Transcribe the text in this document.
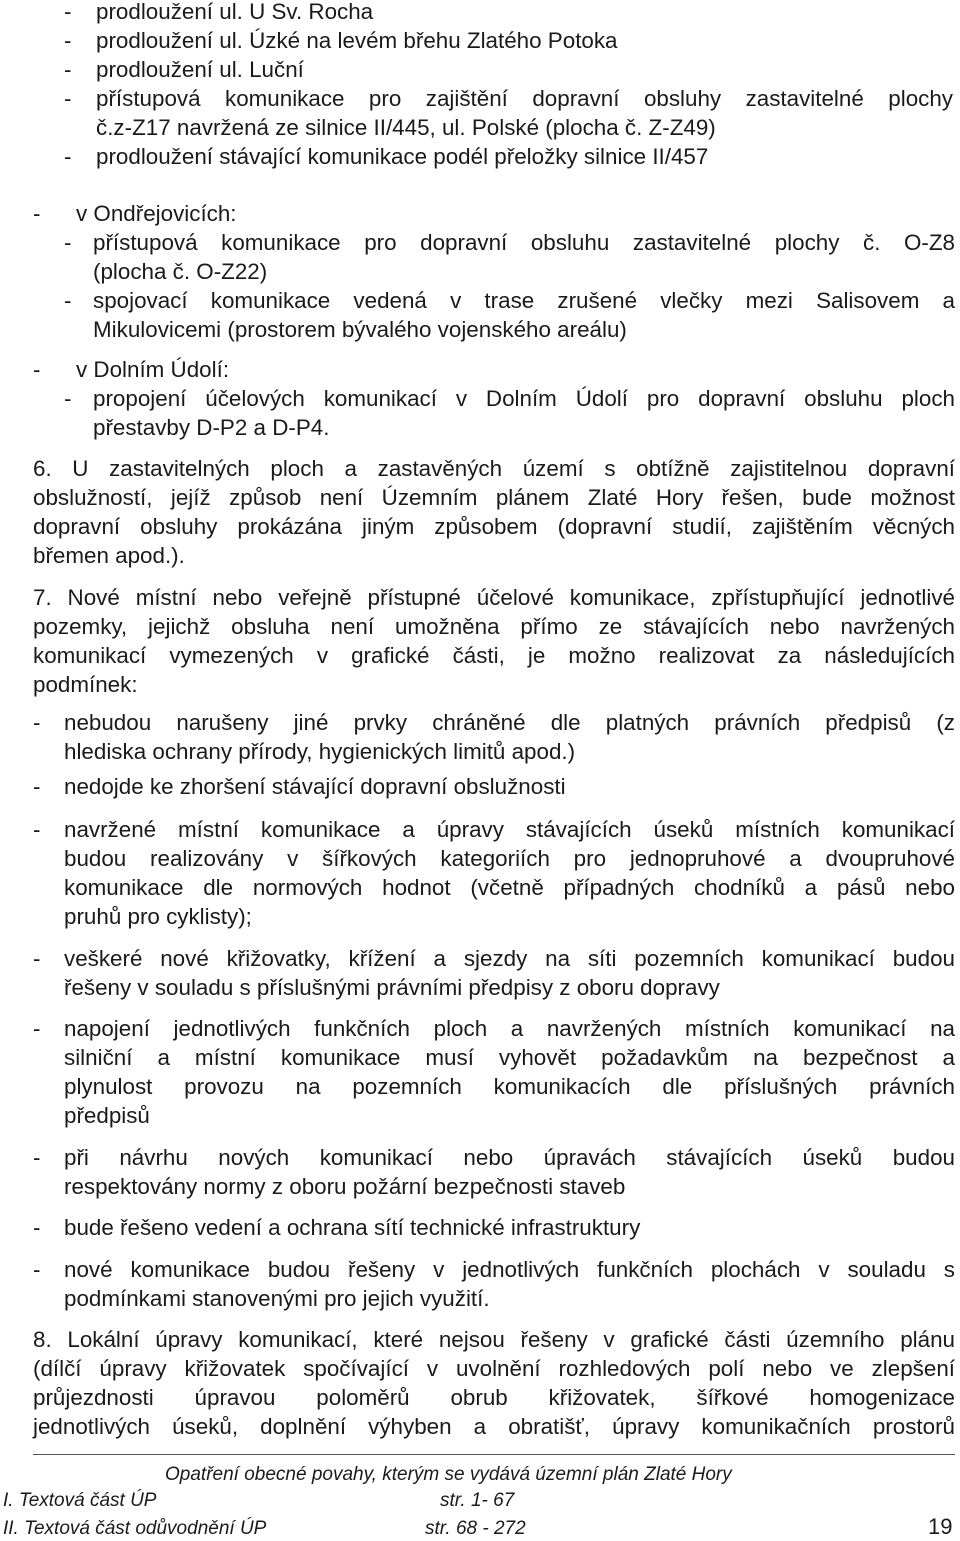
Opatření obecné povahy, kterým se vydává územní plán Zlaté Hory
I. Textová část ÚP	str. 1- 67
II. Textová část odůvodnění ÚP	str. 68 - 272	19
- prodloužení ul. U Sv. Rocha
- prodloužení ul. Úzké na levém břehu Zlatého Potoka
- prodloužení ul. Luční
- přístupová komunikace pro zajištění dopravní obsluhy zastavitelné plochy
č.z-Z17 navržená ze silnice II/445, ul. Polské (plocha č. Z-Z49)
- prodloužení stávající komunikace podél přeložky silnice II/457
- v Ondřejovicích:
- přístupová komunikace pro dopravní obsluhu zastavitelné plochy č. O-Z8
(plocha č. O-Z22)
- spojovací komunikace vedená v trase zrušené vlečky mezi Salisovem a
Mikulovicemi (prostorem bývalého vojenského areálu)
- v Dolním Údolí:
- propojení účelových komunikací v Dolním Údolí pro dopravní obsluhu ploch
přestavby D-P2 a D-P4.
6. U zastavitelných ploch a zastavěných území s obtížně zajistitelnou dopravní
obslužností, jejíž způsob není Územním plánem Zlaté Hory řešen, bude možnost
dopravní obsluhy prokázána jiným způsobem (dopravní studií, zajištěním věcných
břemen apod.).
7. Nové místní nebo veřejně přístupné účelové komunikace, zpřístupňující jednotlivé
pozemky, jejichž obsluha není umožněna přímo ze stávajících nebo navržených
komunikací vymezených v grafické části, je možno realizovat za následujících
podmínek:
- nebudou narušeny jiné prvky chráněné dle platných právních předpisů (z
hlediska ochrany přírody, hygienických limitů apod.)
- nedojde ke zhoršení stávající dopravní obslužnosti
- navržené místní komunikace a úpravy stávajících úseků místních komunikací
budou realizovány v šířkových kategoriích pro jednopruhové a dvoupruhové
komunikace dle normových hodnot (včetně případných chodníků a pásů nebo
pruhů pro cyklisty);
- veškeré nové křižovatky, křížení a sjezdy na síti pozemních komunikací budou
řešeny v souladu s příslušnými právními předpisy z oboru dopravy
- napojení jednotlivých funkčních ploch a navržených místních komunikací na
silniční a místní komunikace musí vyhovět požadavkům na bezpečnost a
plynulost provozu na pozemních komunikacích dle příslušných právních
předpisů
- při návrhu nových komunikací nebo úpravách stávajících úseků budou
respektovány normy z oboru požární bezpečnosti staveb
- bude řešeno vedení a ochrana sítí technické infrastruktury
- nové komunikace budou řešeny v jednotlivých funkčních plochách v souladu s
podmínkami stanovenými pro jejich využití.
8. Lokální úpravy komunikací, které nejsou řešeny v grafické části územního plánu
(dílčí úpravy křižovatek spočívající v uvolnění rozhledových polí nebo ve zlepšení
průjezdnosti úpravou poloměrů obrub křižovatek, šířkové homogenizace
jednotlivých úseků, doplnění výhyben a obratišť, úpravy komunikačních prostorů
